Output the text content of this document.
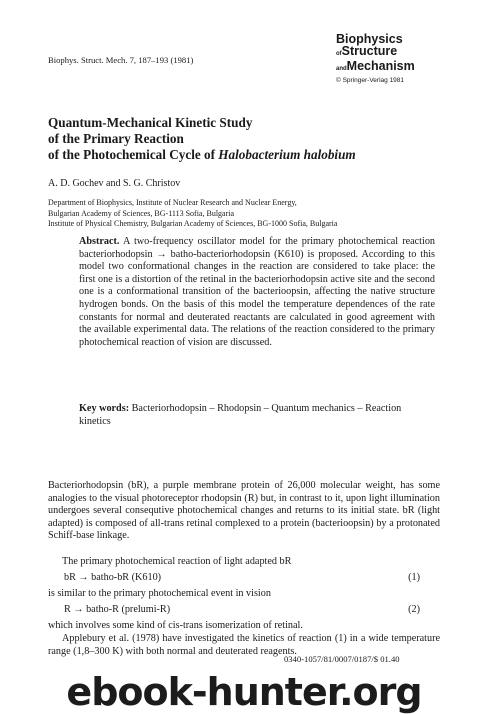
Biophys. Struct. Mech. 7, 187–193 (1981)
Biophysics
ofStructure
andMechanism
© Springer-Verlag 1981
Quantum-Mechanical Kinetic Study
of the Primary Reaction
of the Photochemical Cycle of Halobacterium halobium
A. D. Gochev and S. G. Christov
Department of Biophysics, Institute of Nuclear Research and Nuclear Energy,
Bulgarian Academy of Sciences, BG-1113 Sofia, Bulgaria
Institute of Physical Chemistry, Bulgarian Academy of Sciences, BG-1000 Sofia, Bulgaria
Abstract. A two-frequency oscillator model for the primary photochemical reaction bacteriorhodopsin → batho-bacteriorhodopsin (K610) is proposed. According to this model two conformational changes in the reaction are considered to take place: the first one is a distortion of the retinal in the bacteriorhodopsin active site and the second one is a conformational transition of the bacterioopsin, affecting the native structure hydrogen bonds. On the basis of this model the temperature dependences of the rate constants for normal and deuterated reactants are calculated in good agreement with the available experimental data. The relations of the reaction considered to the primary photochemical reaction of vision are discussed.
Key words: Bacteriorhodopsin – Rhodopsin – Quantum mechanics – Reaction kinetics
Bacteriorhodopsin (bR), a purple membrane protein of 26,000 molecular weight, has some analogies to the visual photoreceptor rhodopsin (R) but, in contrast to it, upon light illumination undergoes several consequtive photochemical changes and returns to its initial state. bR (light adapted) is composed of all-trans retinal complexed to a protein (bacterioopsin) by a protonated Schiff-base linkage.
The primary photochemical reaction of light adapted bR
bR → batho-bR (K610)	(1)
is similar to the primary photochemical event in vision
R → batho-R (prelumi-R)	(2)
which involves some kind of cis-trans isomerization of retinal.
Applebury et al. (1978) have investigated the kinetics of reaction (1) in a wide temperature range (1,8–300 K) with both normal and deuterated reagents.
0340-1057/81/0007/0187/$ 01.40
ebook-hunter.org
